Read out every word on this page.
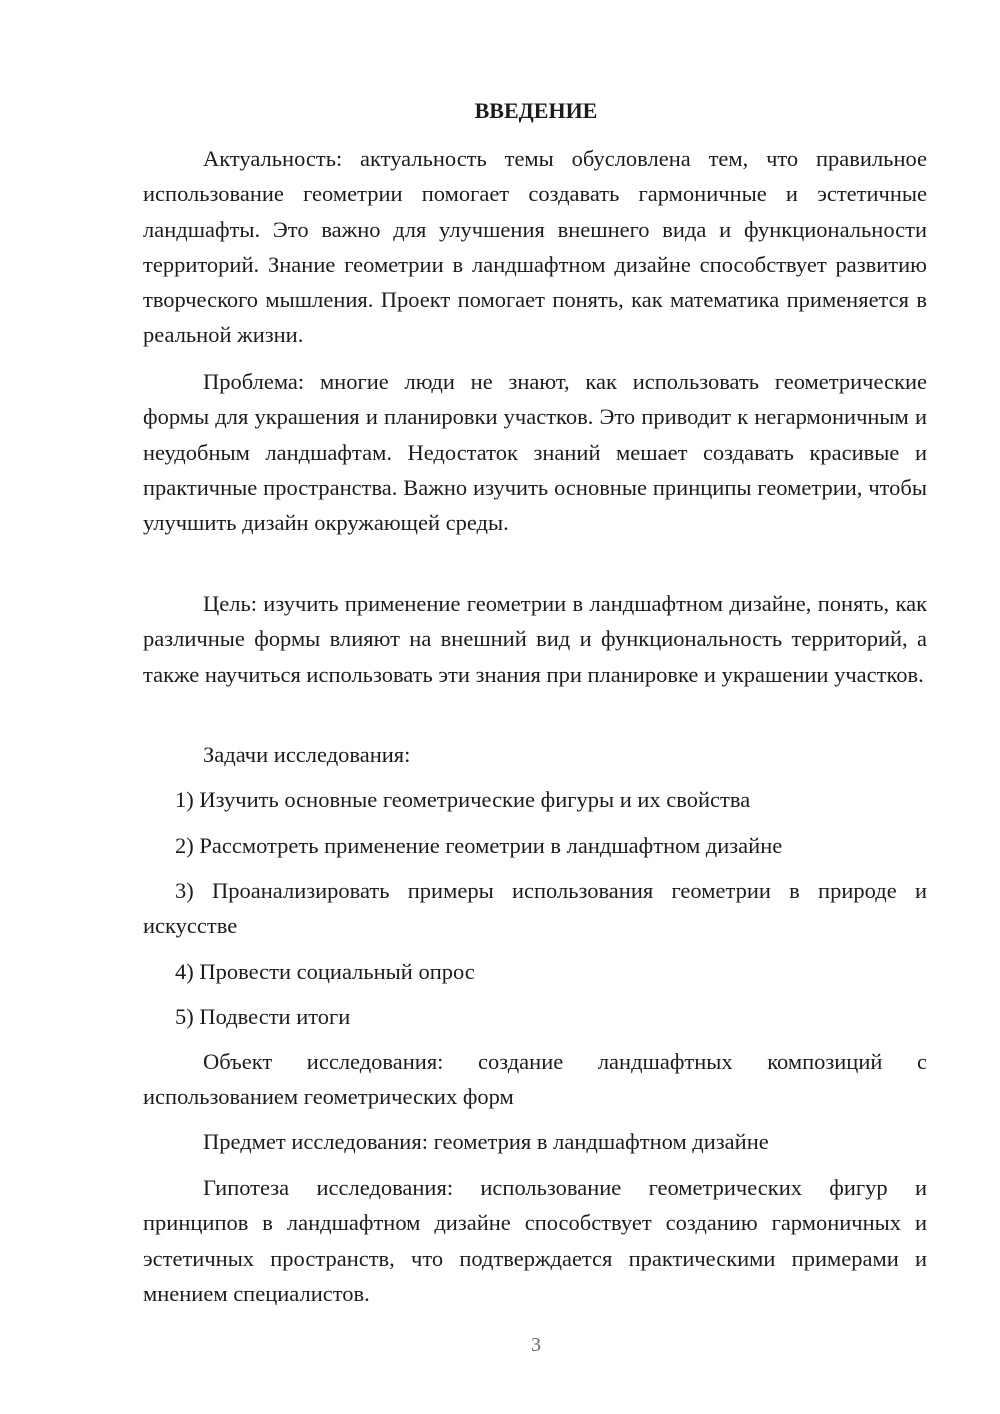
ВВЕДЕНИЕ
Актуальность: актуальность темы обусловлена тем, что правильное использование геометрии помогает создавать гармоничные и эстетичные ландшафты. Это важно для улучшения внешнего вида и функциональности территорий. Знание геометрии в ландшафтном дизайне способствует развитию творческого мышления. Проект помогает понять, как математика применяется в реальной жизни.
Проблема: многие люди не знают, как использовать геометрические формы для украшения и планировки участков. Это приводит к негармоничным и неудобным ландшафтам. Недостаток знаний мешает создавать красивые и практичные пространства. Важно изучить основные принципы геометрии, чтобы улучшить дизайн окружающей среды.
Цель: изучить применение геометрии в ландшафтном дизайне, понять, как различные формы влияют на внешний вид и функциональность территорий, а также научиться использовать эти знания при планировке и украшении участков.
Задачи исследования:
1) Изучить основные геометрические фигуры и их свойства
2) Рассмотреть применение геометрии в ландшафтном дизайне
3) Проанализировать примеры использования геометрии в природе и искусстве
4) Провести социальный опрос
5) Подвести итоги
Объект исследования: создание ландшафтных композиций с использованием геометрических форм
Предмет исследования: геометрия в ландшафтном дизайне
Гипотеза исследования: использование геометрических фигур и принципов в ландшафтном дизайне способствует созданию гармоничных и эстетичных пространств, что подтверждается практическими примерами и мнением специалистов.
3
